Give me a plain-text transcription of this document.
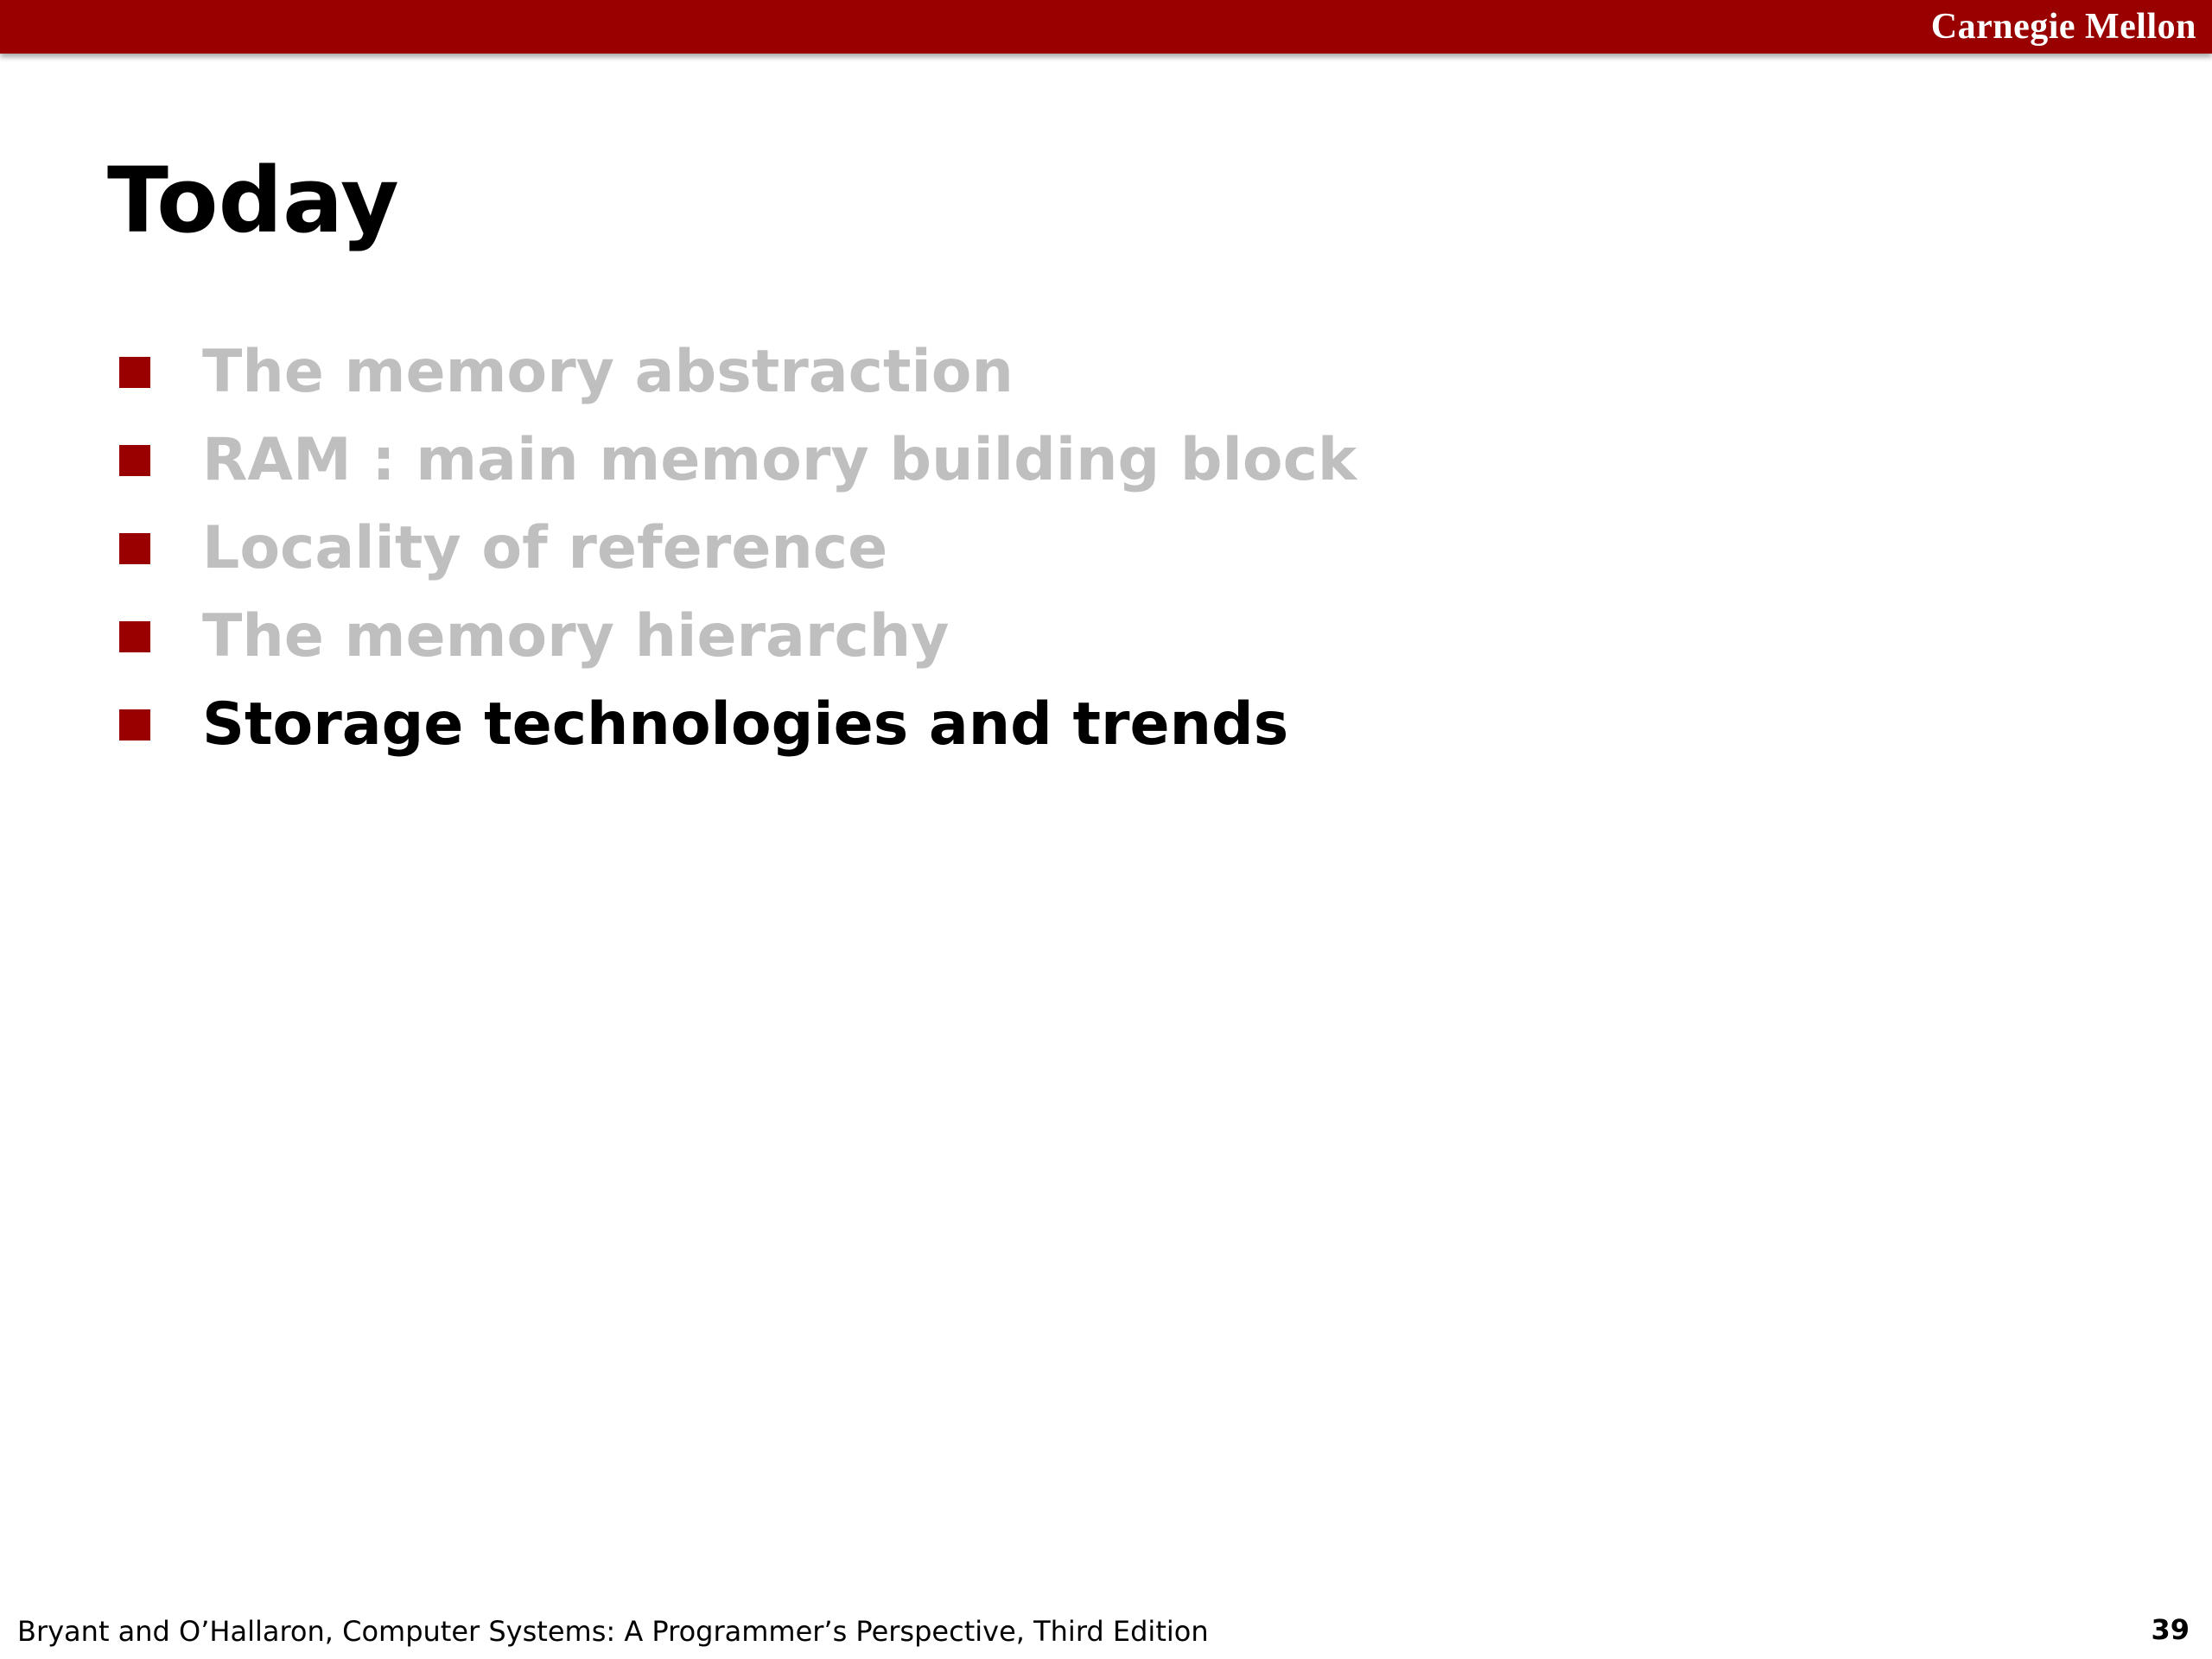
Carnegie Mellon
Today
The memory abstraction
RAM : main memory building block
Locality of reference
The memory hierarchy
Storage technologies and trends
Bryant and O’Hallaron, Computer Systems: A Programmer’s Perspective, Third Edition	39
